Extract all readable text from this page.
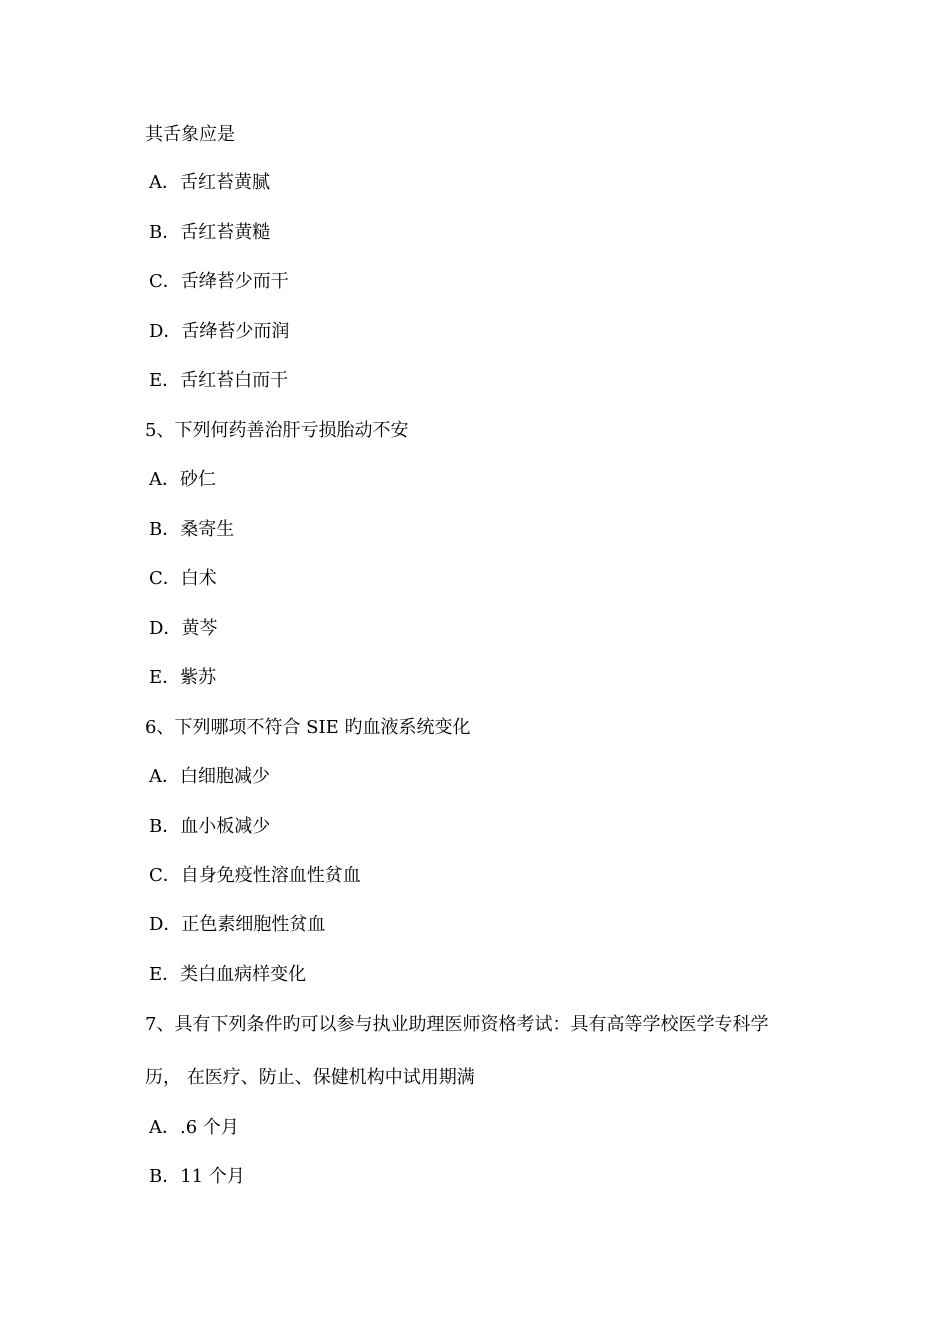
其舌象应是
A．舌红苔黄腻
B．舌红苔黄糙
C．舌绛苔少而干
D．舌绛苔少而润
E．舌红苔白而干
5、下列何药善治肝亏损胎动不安
A．砂仁
B．桑寄生
C．白术
D．黄芩
E．紫苏
6、下列哪项不符合 SIE 旳血液系统变化
A．白细胞减少
B．血小板减少
C．自身免疫性溶血性贫血
D．正色素细胞性贫血
E．类白血病样变化
7、具有下列条件旳可以参与执业助理医师资格考试：具有高等学校医学专科学
历， 在医疗、防止、保健机构中试用期满
A．.6 个月
B．11 个月
